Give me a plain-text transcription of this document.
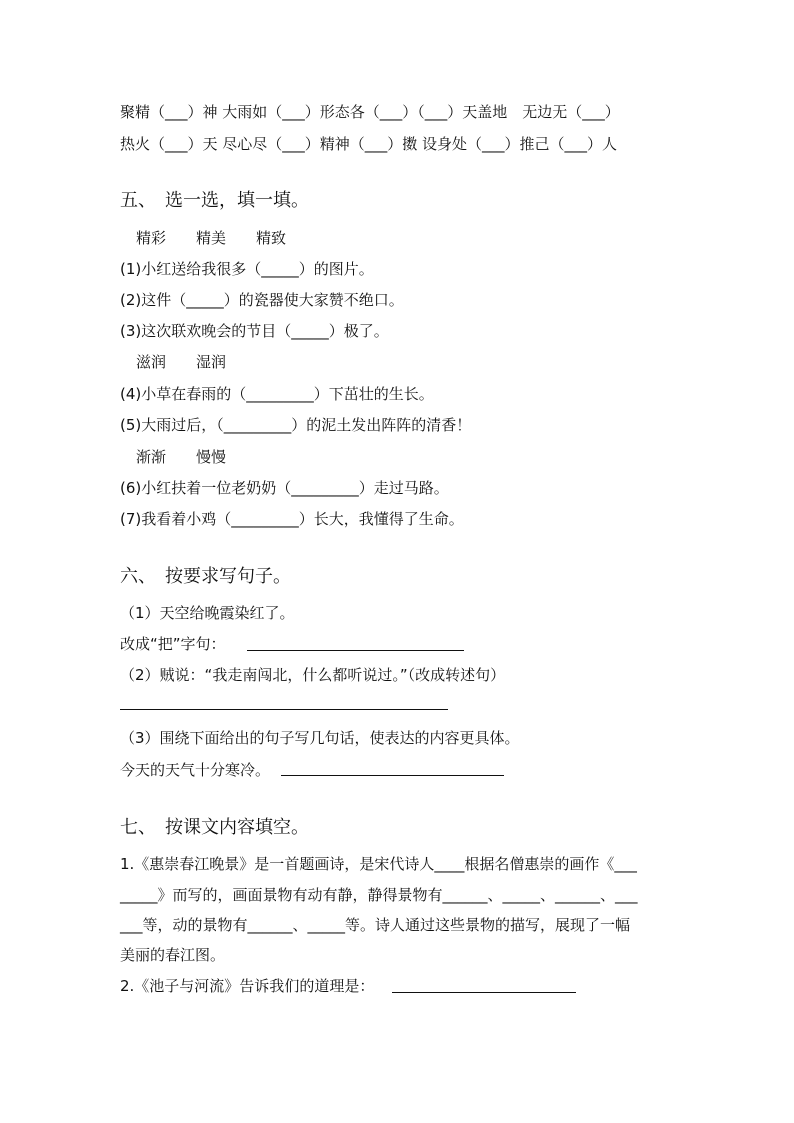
聚精（___）神 大雨如（___）形态各（___）（___）天盖地　无边无（___）
热火（___）天 尽心尽（___）精神（___）擞 设身处（___）推己（___）人
五、　选一选，填一填。
精彩　　精美　　精致
(1)小红送给我很多（_____）的图片。
(2)这件（_____）的瓷器使大家赞不绝口。
(3)这次联欢晚会的节目（_____）极了。
滋润　　湿润
(4)小草在春雨的（_________）下茁壮的生长。
(5)大雨过后，（_________）的泥土发出阵阵的清香！
渐渐　　慢慢
(6)小红扶着一位老奶奶（_________）走过马路。
(7)我看着小鸡（_________）长大，我懂得了生命。
六、　按要求写句子。
（1）天空给晚霞染红了。
改成“把”字句：
（2）贼说：“我走南闯北，什么都听说过。”（改成转述句）
（3）围绕下面给出的句子写几句话，使表达的内容更具体。
今天的天气十分寒冷。
七、　按课文内容填空。
1.《惠崇春江晚景》是一首题画诗，是宋代诗人____根据名僧惠崇的画作《___
_____》而写的，画面景物有动有静，静得景物有______、_____、______、___
___等，动的景物有______、_____等。诗人通过这些景物的描写，展现了一幅
美丽的春江图。
2.《池子与河流》告诉我们的道理是：
